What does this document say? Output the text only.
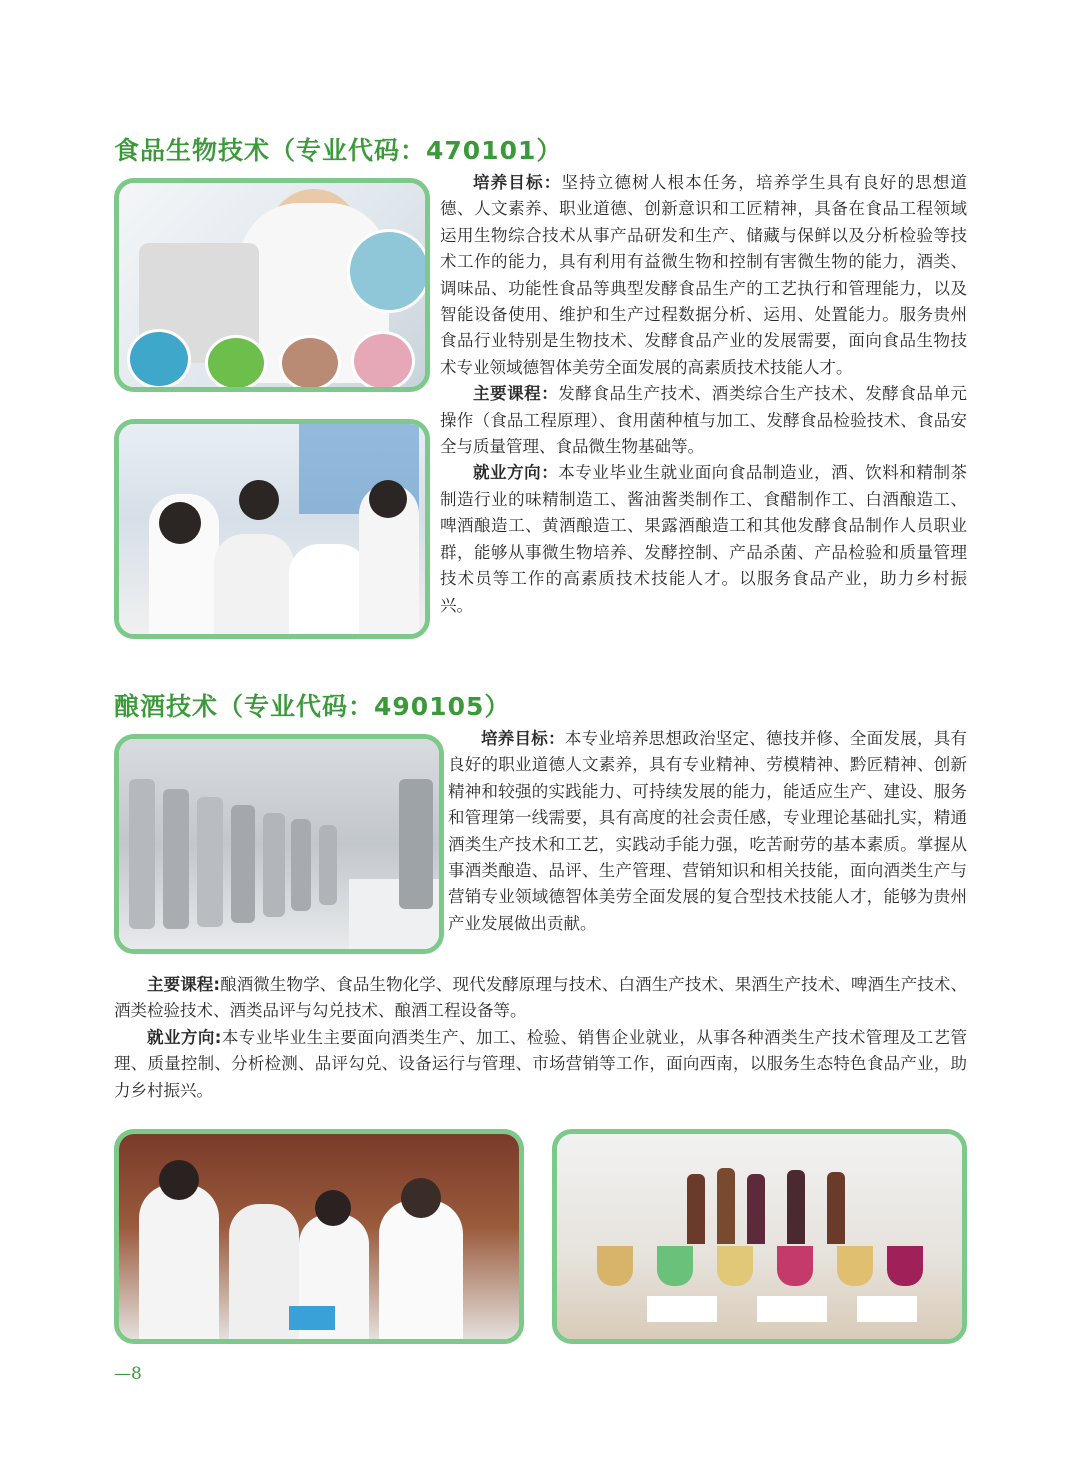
食品生物技术（专业代码：470101）

培养目标：坚持立德树人根本任务，培养学生具有良好的思想道德、人文素养、职业道德、创新意识和工匠精神，具备在食品工程领域运用生物综合技术从事产品研发和生产、储藏与保鲜以及分析检验等技术工作的能力，具有利用有益微生物和控制有害微生物的能力，酒类、调味品、功能性食品等典型发酵食品生产的工艺执行和管理能力，以及智能设备使用、维护和生产过程数据分析、运用、处置能力。服务贵州食品行业特别是生物技术、发酵食品产业的发展需要，面向食品生物技术专业领域德智体美劳全面发展的高素质技术技能人才。

主要课程：发酵食品生产技术、酒类综合生产技术、发酵食品单元操作（食品工程原理）、食用菌种植与加工、发酵食品检验技术、食品安全与质量管理、食品微生物基础等。

就业方向：本专业毕业生就业面向食品制造业，酒、饮料和精制茶制造行业的味精制造工、酱油酱类制作工、食醋制作工、白酒酿造工、啤酒酿造工、黄酒酿造工、果露酒酿造工和其他发酵食品制作人员职业群，能够从事微生物培养、发酵控制、产品杀菌、产品检验和质量管理技术员等工作的高素质技术技能人才。以服务食品产业，助力乡村振兴。

酿酒技术（专业代码：490105）

培养目标：本专业培养思想政治坚定、德技并修、全面发展，具有良好的职业道德人文素养，具有专业精神、劳模精神、黔匠精神、创新精神和较强的实践能力、可持续发展的能力，能适应生产、建设、服务和管理第一线需要，具有高度的社会责任感，专业理论基础扎实，精通酒类生产技术和工艺，实践动手能力强，吃苦耐劳的基本素质。掌握从事酒类酿造、品评、生产管理、营销知识和相关技能，面向酒类生产与营销专业领域德智体美劳全面发展的复合型技术技能人才，能够为贵州产业发展做出贡献。

主要课程:酿酒微生物学、食品生物化学、现代发酵原理与技术、白酒生产技术、果酒生产技术、啤酒生产技术、酒类检验技术、酒类品评与勾兑技术、酿酒工程设备等。

就业方向:本专业毕业生主要面向酒类生产、加工、检验、销售企业就业，从事各种酒类生产技术管理及工艺管理、质量控制、分析检测、品评勾兑、设备运行与管理、市场营销等工作，面向西南，以服务生态特色食品产业，助力乡村振兴。

—8
